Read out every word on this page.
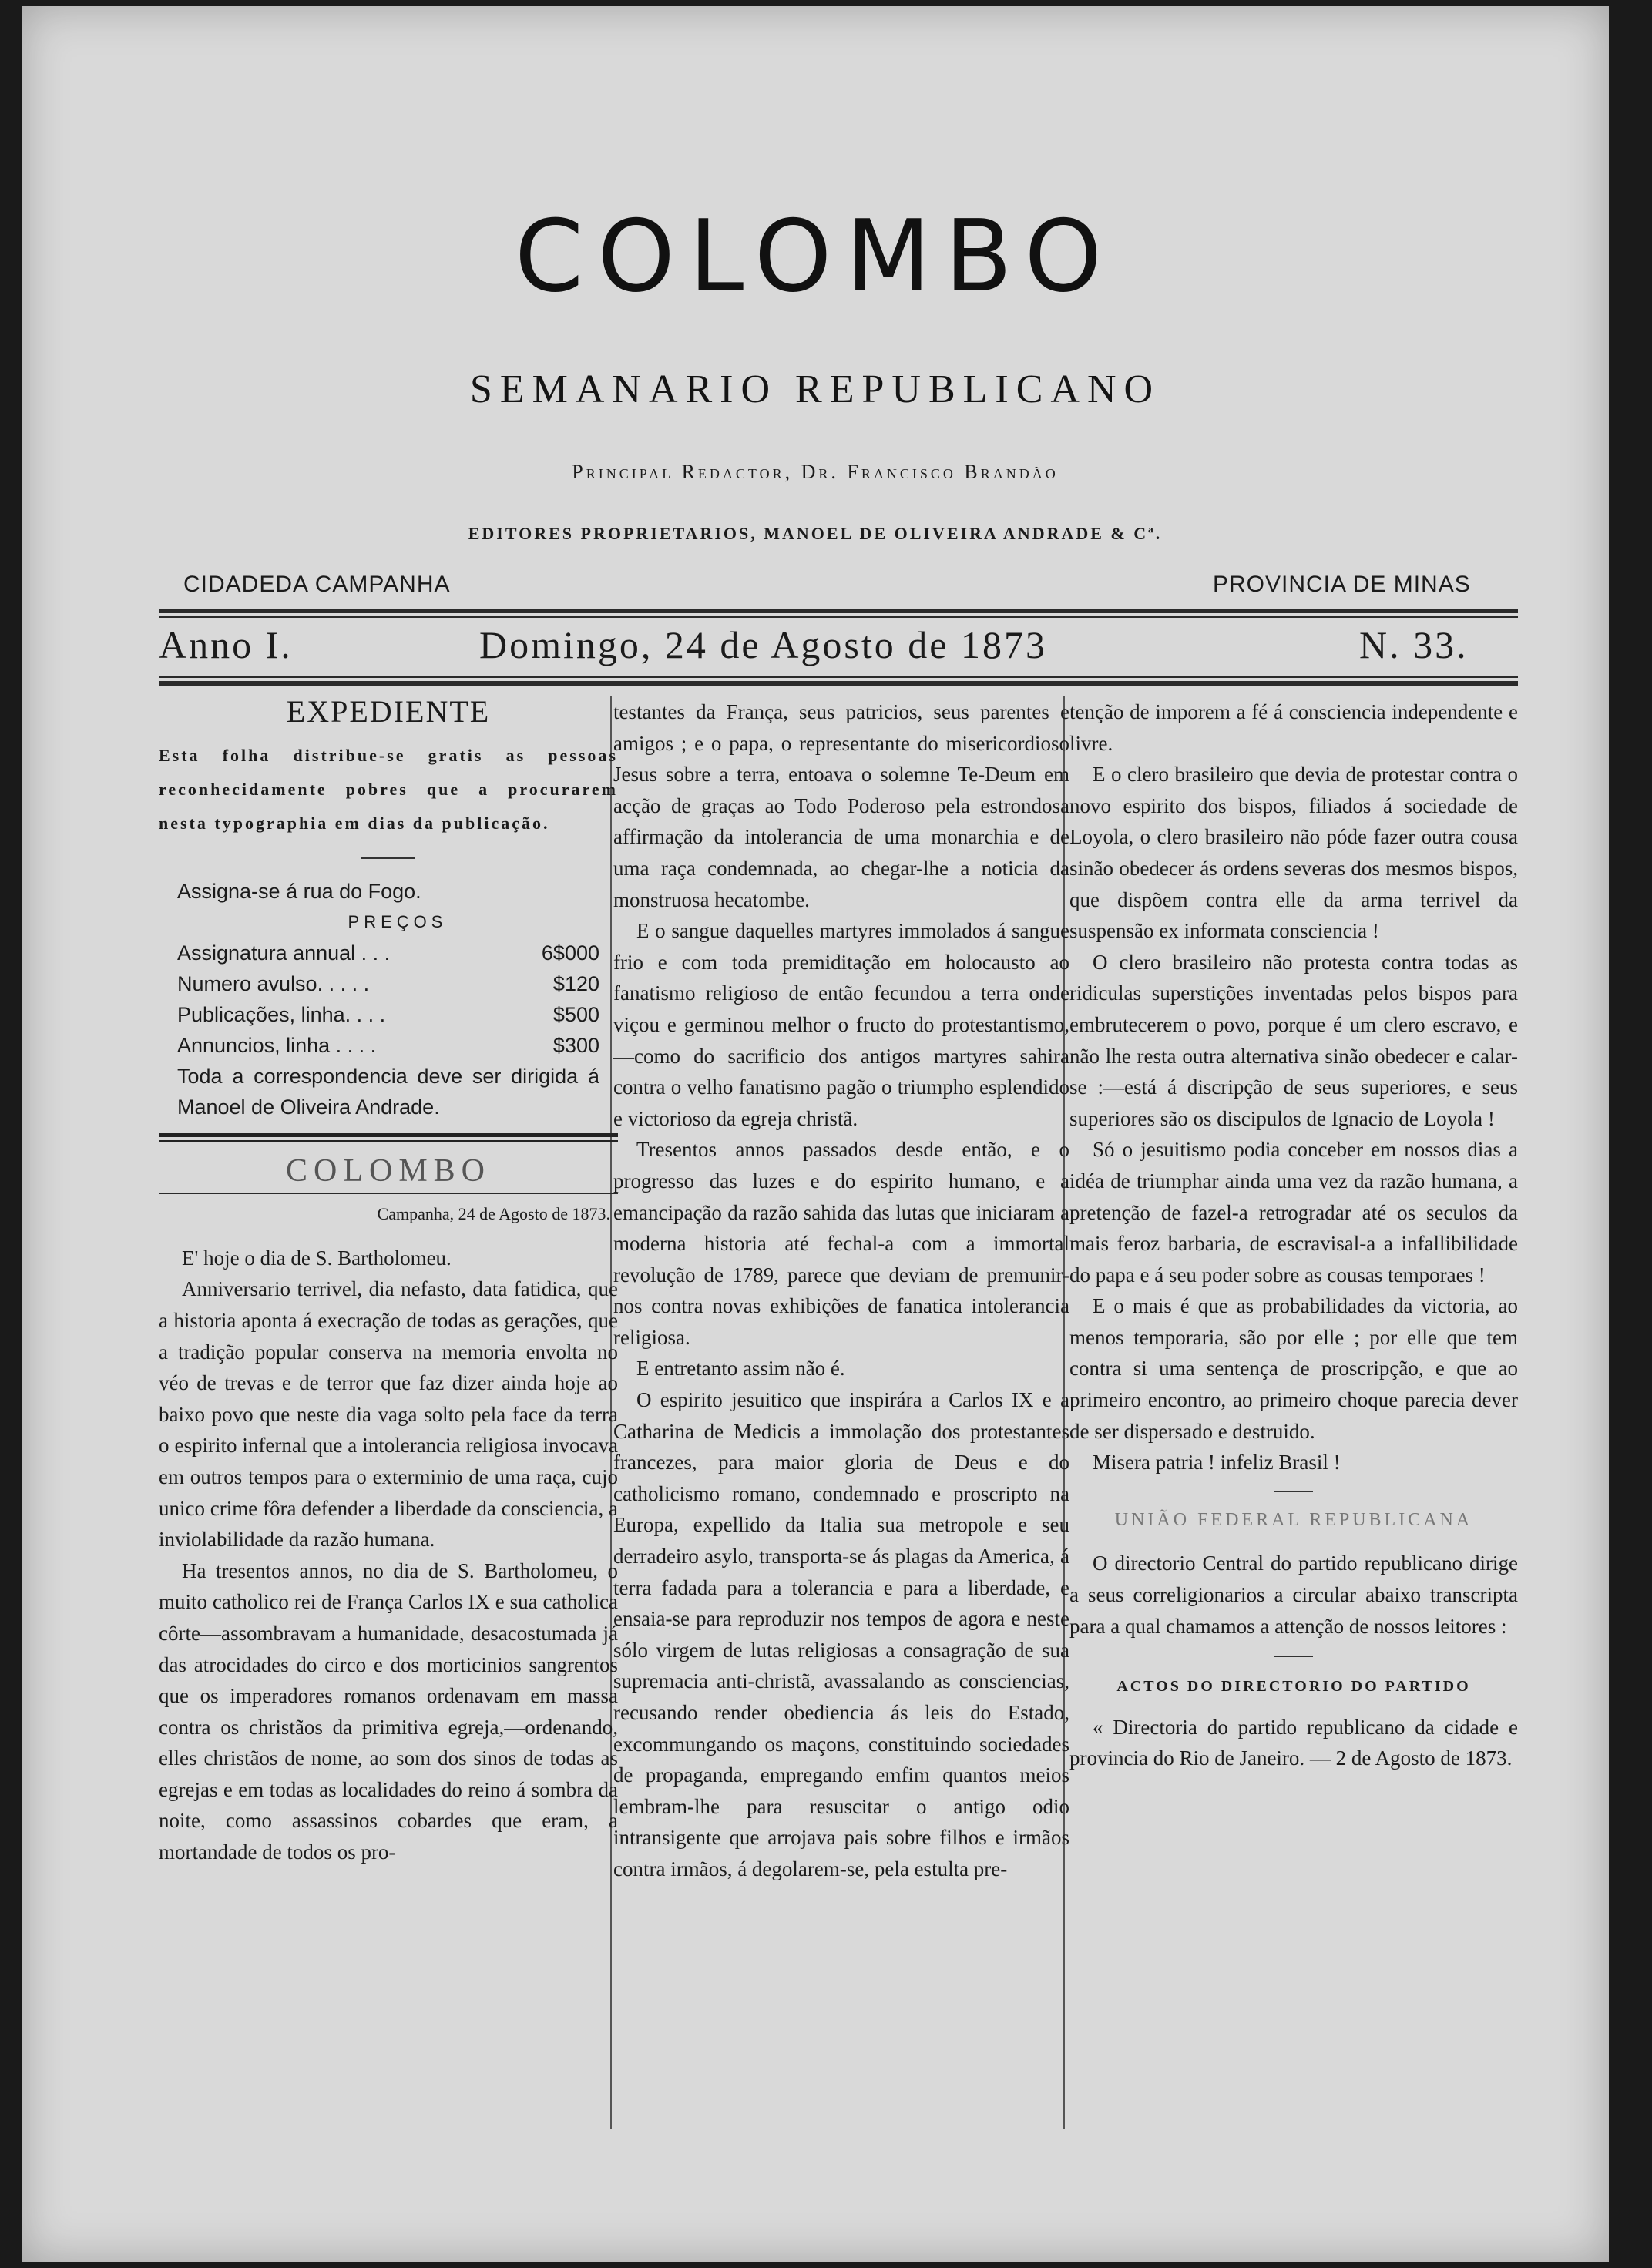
COLOMBO
SEMANARIO REPUBLICANO
Principal Redactor, Dr. Francisco Brandão
EDITORES PROPRIETARIOS, MANOEL DE OLIVEIRA ANDRADE & Cª.
CIDADEDA CAMPANHA	PROVINCIA DE MINAS
Anno I.	Domingo, 24 de Agosto de 1873	N. 33.
EXPEDIENTE
Esta folha distribue-se gratis as pessoas reconhecidamente pobres que a procurarem nesta typographia em dias da publicação.
Assigna-se á rua do Fogo.
PREÇOS
Assignatura annual . . .	6$000
Numero avulso. . . . .	$120
Publicações, linha. . . .	$500
Annuncios, linha . . . .	$300
Toda a correspondencia deve ser dirigida á Manoel de Oliveira Andrade.
COLOMBO
Campanha, 24 de Agosto de 1873.

E' hoje o dia de S. Bartholomeu.

Anniversario terrivel, dia nefasto, data fatidica, que a historia aponta á execração de todas as gerações, que a tradição popular conserva na memoria envolta no véo de trevas e de terror que faz dizer ainda hoje ao baixo povo que neste dia vaga solto pela face da terra o espirito infernal que a intolerancia religiosa invocava em outros tempos para o exterminio de uma raça, cujo unico crime fôra defender a liberdade da consciencia, a inviolabilidade da razão humana.

Ha tresentos annos, no dia de S. Bartholomeu, o muito catholico rei de França Carlos IX e sua catholica côrte—assombravam a humanidade, desacostumada já das atrocidades do circo e dos morticinios sangrentos que os imperadores romanos ordenavam em massa contra os christãos da primitiva egreja,—ordenando, elles christãos de nome, ao som dos sinos de todas as egrejas e em todas as localidades do reino á sombra da noite, como assassinos cobardes que eram, a mortandade de todos os pro-

testantes da França, seus patricios, seus parentes e amigos ; e o papa, o representante do misericordioso Jesus sobre a terra, entoava o solemne Te-Deum em acção de graças ao Todo Poderoso pela estrondosa affirmação da intolerancia de uma monarchia e de uma raça condemnada, ao chegar-lhe a noticia da monstruosa hecatombe.

E o sangue daquelles martyres immolados á sangue frio e com toda premiditação em holocausto ao fanatismo religioso de então fecundou a terra onde viçou e germinou melhor o fructo do protestantismo,—como do sacrificio dos antigos martyres sahira contra o velho fanatismo pagão o triumpho esplendido e victorioso da egreja christã.

Tresentos annos passados desde então, e o progresso das luzes e do espirito humano, e a emancipação da razão sahida das lutas que iniciaram a moderna historia até fechal-a com a immortal revolução de 1789, parece que deviam de premunir-nos contra novas exhibições de fanatica intolerancia religiosa.

E entretanto assim não é.

O espirito jesuitico que inspirára a Carlos IX e a Catharina de Medicis a immolação dos protestantes francezes, para maior gloria de Deus e do catholicismo romano, condemnado e proscripto na Europa, expellido da Italia sua metropole e seu derradeiro asylo, transporta-se ás plagas da America, á terra fadada para a tolerancia e para a liberdade, e ensaia-se para reproduzir nos tempos de agora e neste sólo virgem de lutas religiosas a consagração de sua supremacia anti-christã, avassalando as consciencias, recusando render obediencia ás leis do Estado, excommungando os maçons, constituindo sociedades de propaganda, empregando emfim quantos meios lembram-lhe para resuscitar o antigo odio intransigente que arrojava pais sobre filhos e irmãos contra irmãos, á degolarem-se, pela estulta pre-

tenção de imporem a fé á consciencia independente e livre.

E o clero brasileiro que devia de protestar contra o novo espirito dos bispos, filiados á sociedade de Loyola, o clero brasileiro não póde fazer outra cousa sinão obedecer ás ordens severas dos mesmos bispos, que dispõem contra elle da arma terrivel da suspensão ex informata consciencia !

O clero brasileiro não protesta contra todas as ridiculas superstições inventadas pelos bispos para embrutecerem o povo, porque é um clero escravo, e não lhe resta outra alternativa sinão obedecer e calar-se :—está á discripção de seus superiores, e seus superiores são os discipulos de Ignacio de Loyola !

Só o jesuitismo podia conceber em nossos dias a idéa de triumphar ainda uma vez da razão humana, a pretenção de fazel-a retrogradar até os seculos da mais feroz barbaria, de escravisal-a a infallibilidade do papa e á seu poder sobre as cousas temporaes !

E o mais é que as probabilidades da victoria, ao menos temporaria, são por elle ; por elle que tem contra si uma sentença de proscripção, e que ao primeiro encontro, ao primeiro choque parecia dever de ser dispersado e destruido.

Misera patria ! infeliz Brasil !

UNIÃO FEDERAL REPUBLICANA

O directorio Central do partido republicano dirige a seus correligionarios a circular abaixo transcripta para a qual chamamos a attenção de nossos leitores :

ACTOS DO DIRECTORIO DO PARTIDO

« Directoria do partido republicano da cidade e provincia do Rio de Janeiro. — 2 de Agosto de 1873.
